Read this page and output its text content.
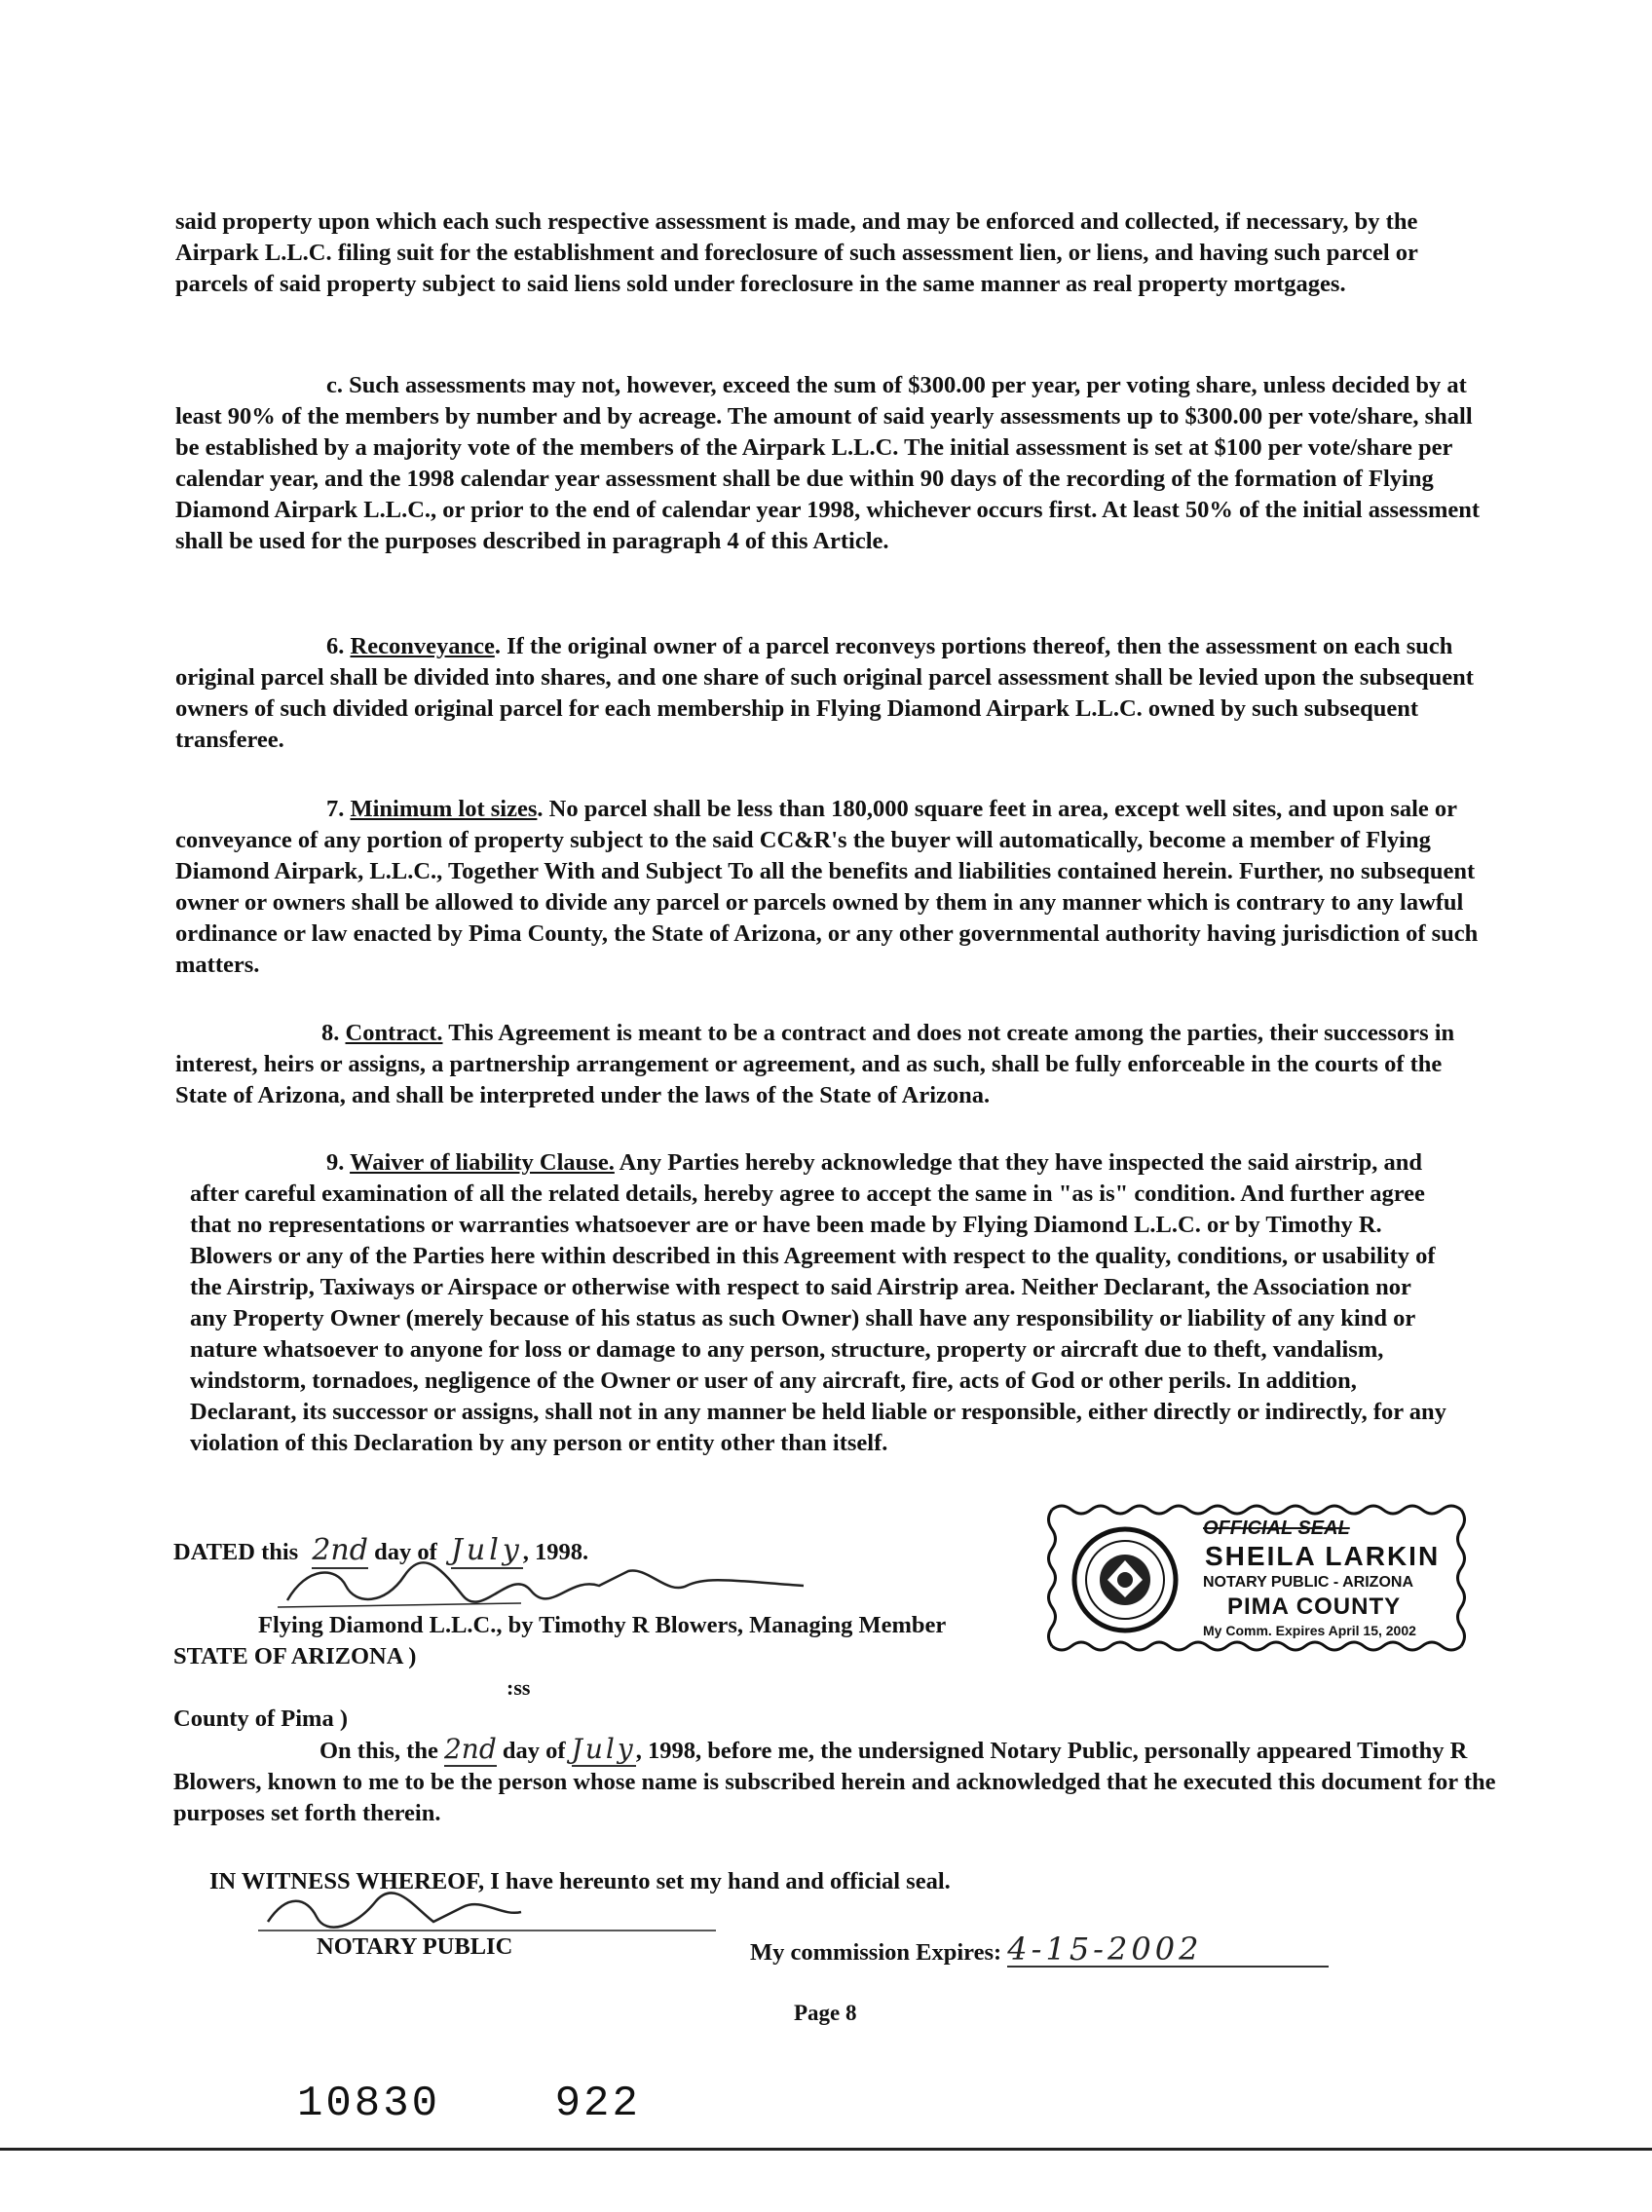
said property upon which each such respective assessment is made, and may be enforced and collected, if necessary, by the Airpark L.L.C. filing suit for the establishment and foreclosure of such assessment lien, or liens, and having such parcel or parcels of said property subject to said liens sold under foreclosure in the same manner as real property mortgages.
c. Such assessments may not, however, exceed the sum of $300.00 per year, per voting share, unless decided by at least 90% of the members by number and by acreage. The amount of said yearly assessments up to $300.00 per vote/share, shall be established by a majority vote of the members of the Airpark L.L.C. The initial assessment is set at $100 per vote/share per calendar year, and the 1998 calendar year assessment shall be due within 90 days of the recording of the formation of Flying Diamond Airpark L.L.C., or prior to the end of calendar year 1998, whichever occurs first. At least 50% of the initial assessment shall be used for the purposes described in paragraph 4 of this Article.
6. Reconveyance. If the original owner of a parcel reconveys portions thereof, then the assessment on each such original parcel shall be divided into shares, and one share of such original parcel assessment shall be levied upon the subsequent owners of such divided original parcel for each membership in Flying Diamond Airpark L.L.C. owned by such subsequent transferee.
7. Minimum lot sizes. No parcel shall be less than 180,000 square feet in area, except well sites, and upon sale or conveyance of any portion of property subject to the said CC&R's the buyer will automatically, become a member of Flying Diamond Airpark, L.L.C., Together With and Subject To all the benefits and liabilities contained herein. Further, no subsequent owner or owners shall be allowed to divide any parcel or parcels owned by them in any manner which is contrary to any lawful ordinance or law enacted by Pima County, the State of Arizona, or any other governmental authority having jurisdiction of such matters.
8. Contract. This Agreement is meant to be a contract and does not create among the parties, their successors in interest, heirs or assigns, a partnership arrangement or agreement, and as such, shall be fully enforceable in the courts of the State of Arizona, and shall be interpreted under the laws of the State of Arizona.
9. Waiver of liability Clause. Any Parties hereby acknowledge that they have inspected the said airstrip, and after careful examination of all the related details, hereby agree to accept the same in "as is" condition. And further agree that no representations or warranties whatsoever are or have been made by Flying Diamond L.L.C. or by Timothy R. Blowers or any of the Parties here within described in this Agreement with respect to the quality, conditions, or usability of the Airstrip, Taxiways or Airspace or otherwise with respect to said Airstrip area. Neither Declarant, the Association nor any Property Owner (merely because of his status as such Owner) shall have any responsibility or liability of any kind or nature whatsoever to anyone for loss or damage to any person, structure, property or aircraft due to theft, vandalism, windstorm, tornadoes, negligence of the Owner or user of any aircraft, fire, acts of God or other perils. In addition, Declarant, its successor or assigns, shall not in any manner be held liable or responsible, either directly or indirectly, for any violation of this Declaration by any person or entity other than itself.
DATED this 2nd day of July, 1998.
Flying Diamond L.L.C., by Timothy R Blowers, Managing Member
STATE OF ARIZONA )
:ss
County of Pima )
On this, the 2nd day of July, 1998, before me, the undersigned Notary Public, personally appeared Timothy R Blowers, known to me to be the person whose name is subscribed herein and acknowledged that he executed this document for the purposes set forth therein.
IN WITNESS WHEREOF, I have hereunto set my hand and official seal.
NOTARY PUBLIC	My commission Expires: 4-15-2002
OFFICIAL SEAL
SHEILA LARKIN
NOTARY PUBLIC - ARIZONA
PIMA COUNTY
My Comm. Expires April 15, 2002
Page 8
10830    922
